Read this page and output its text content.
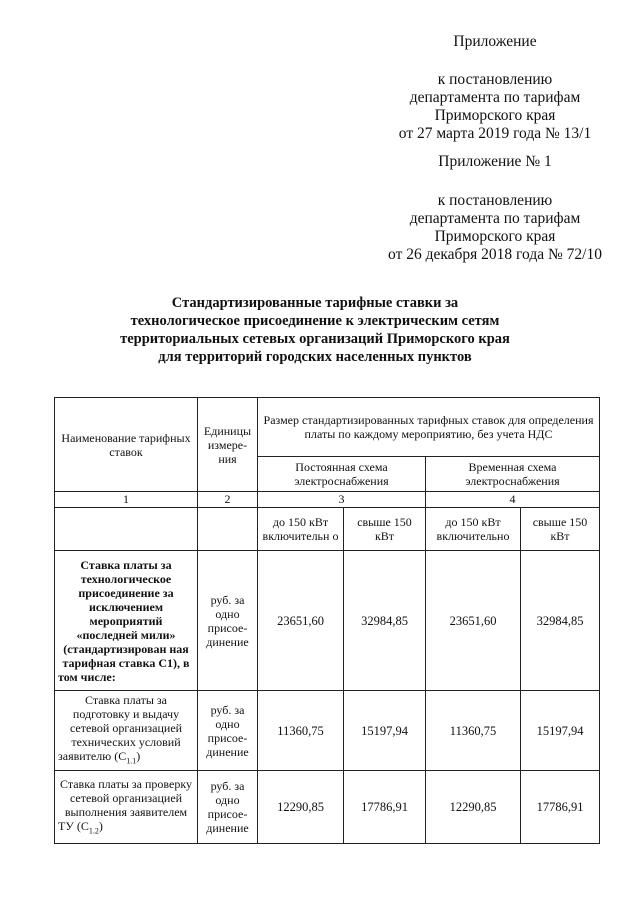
Приложение
к постановлению
департамента по тарифам
Приморского края
от 27 марта 2019 года № 13/1
Приложение № 1
к постановлению
департамента по тарифам
Приморского края
от 26 декабря 2018 года № 72/10
Стандартизированные тарифные ставки за
технологическое присоединение к электрическим сетям
территориальных сетевых организаций Приморского края
для территорий городских населенных пунктов
Наименование тарифных ставок	Единицы измере-ния	Размер стандартизированных тарифных ставок для определения платы по каждому мероприятию, без учета НДС			
		Постоянная схема электроснабжения		Временная схема электроснабжения	
1	2	3		4	
		до 150 кВт включительн о	свыше 150 кВт	до 150 кВт включительно	свыше 150 кВт
Ставка платы за технологическое присоединение за исключением мероприятий «последней мили» (стандартизирован ная тарифная ставка С1), в том числе:	руб. за одно присое-динение	23651,60	32984,85	23651,60	32984,85
Ставка платы за подготовку и выдачу сетевой организацией технических условий заявителю $(С_{1.1})$	руб. за одно присое-динение	11360,75	15197,94	11360,75	15197,94
Ставка платы за проверку сетевой организацией выполнения заявителем ТУ $(С_{1.2})$	руб. за одно присое-динение	12290,85	17786,91	12290,85	17786,91
